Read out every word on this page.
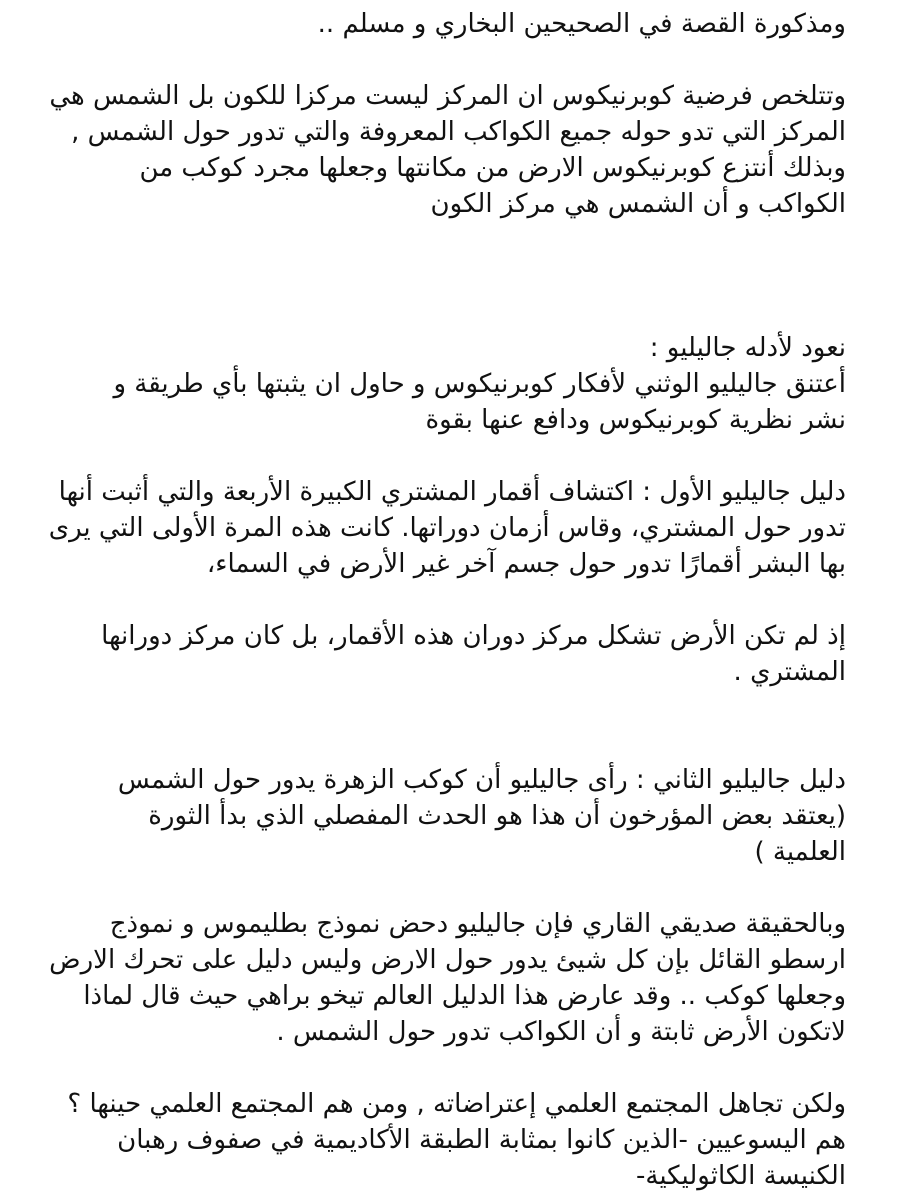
ومذكورة القصة في الصحيحين البخاري و مسلم ..
وتتلخص فرضية كوبرنيكوس ان المركز ليست مركزا للكون بل الشمس هي
المركز التي تدو حوله جميع الكواكب المعروفة والتي تدور حول الشمس ,
وبذلك أنتزع كوبرنيكوس الارض من مكانتها وجعلها مجرد كوكب من
الكواكب و أن الشمس هي مركز الكون
نعود لأدله جاليليو :
أعتنق جاليليو الوثني لأفكار كوبرنيكوس و حاول ان يثبتها بأي طريقة و
نشر نظرية كوبرنيكوس ودافع عنها بقوة
دليل جاليليو الأول : اكتشاف أقمار المشتري الكبيرة الأربعة والتي أثبت أنها
تدور حول المشتري، وقاس أزمان دوراتها. كانت هذه المرة الأولى التي يرى
بها البشر أقمارًا تدور حول جسم آخر غير الأرض في السماء،
إذ لم تكن الأرض تشكل مركز دوران هذه الأقمار، بل كان مركز دورانها
المشتري .
دليل جاليليو الثاني : رأى جاليليو أن كوكب الزهرة يدور حول الشمس
(يعتقد بعض المؤرخون أن هذا هو الحدث المفصلي الذي بدأ الثورة
العلمية )
وبالحقيقة صديقي القاري فإن جاليليو دحض نموذج بطليموس و نموذج
ارسطو القائل بإن كل شيئ يدور حول الارض وليس دليل على تحرك الارض
وجعلها كوكب .. وقد عارض هذا الدليل العالم تيخو براهي حيث قال لماذا
لاتكون الأرض ثابتة و أن الكواكب تدور حول الشمس .
ولكن تجاهل المجتمع العلمي إعتراضاته , ومن هم المجتمع العلمي حينها ؟
هم اليسوعيين -الذين كانوا بمثابة الطبقة الأكاديمية في صفوف رهبان
الكنيسة الكاثوليكية-
